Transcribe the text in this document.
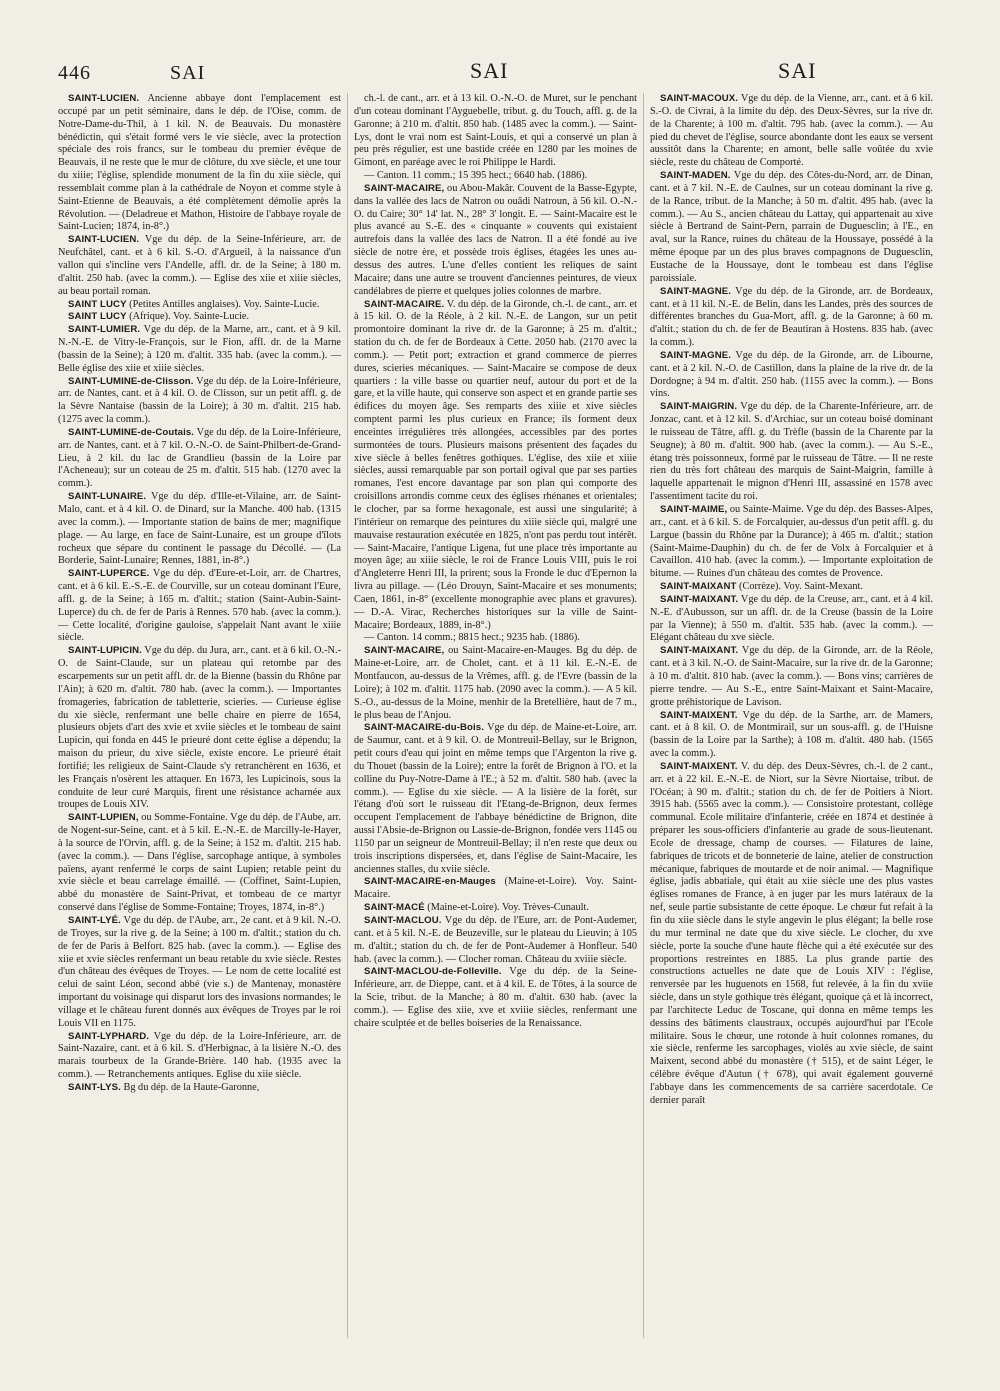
446	SAI	SAI	SAI

SAINT-LUCIEN. Ancienne abbaye dont l'emplacement est occupé par un petit séminaire, dans le dép. de l'Oise, comm. de Notre-Dame-du-Thil, à 1 kil. N. de Beauvais. Du monastère bénédictin, qui s'était formé vers le vie siècle, avec la protection spéciale des rois francs, sur le tombeau du premier évêque de Beauvais, il ne reste que le mur de clôture, du xve siècle, et une tour du xiiie; l'église, splendide monument de la fin du xiie siècle, qui ressemblait comme plan à la cathédrale de Noyon et comme style à Saint-Etienne de Beauvais, a été complètement démolie après la Révolution. — (Deladreue et Mathon, Histoire de l'abbaye royale de Saint-Lucien; 1874, in-8°.)

SAINT-LUCIEN. Vge du dép. de la Seine-Inférieure, arr. de Neufchâtel, cant. et à 6 kil. S.-O. d'Argueil, à la naissance d'un vallon qui s'incline vers l'Andelle, affl. dr. de la Seine; à 180 m. d'altit. 250 hab. (avec la comm.). — Eglise des xiie et xiiie siècles, au beau portail roman.

SAINT LUCY (Petites Antilles anglaises). Voy. Sainte-Lucie.

SAINT LUCY (Afrique). Voy. Sainte-Lucie.

SAINT-LUMIER. Vge du dép. de la Marne, arr., cant. et à 9 kil. N.-N.-E. de Vitry-le-François, sur le Fion, affl. dr. de la Marne (bassin de la Seine); à 120 m. d'altit. 335 hab. (avec la comm.). — Belle église des xiie et xiiie siècles.

SAINT-LUMINE-de-Clisson. Vge du dép. de la Loire-Inférieure, arr. de Nantes, cant. et à 4 kil. O. de Clisson, sur un petit affl. g. de la Sèvre Nantaise (bassin de la Loire); à 30 m. d'altit. 215 hab. (1275 avec la comm.).

SAINT-LUMINE-de-Coutais. Vge du dép. de la Loire-Inférieure, arr. de Nantes, cant. et à 7 kil. O.-N.-O. de Saint-Philbert-de-Grand-Lieu, à 2 kil. du lac de Grandlieu (bassin de la Loire par l'Acheneau); sur un coteau de 25 m. d'altit. 515 hab. (1270 avec la comm.).

SAINT-LUNAIRE. Vge du dép. d'Ille-et-Vilaine, arr. de Saint-Malo, cant. et à 4 kil. O. de Dinard, sur la Manche. 400 hab. (1315 avec la comm.). — Importante station de bains de mer; magnifique plage. — Au large, en face de Saint-Lunaire, est un groupe d'îlots rocheux que sépare du continent le passage du Décollé. — (La Borderie, Saint-Lunaire; Rennes, 1881, in-8°.)

SAINT-LUPERCE. Vge du dép. d'Eure-et-Loir, arr. de Chartres, cant. et à 6 kil. E.-S.-E. de Courville, sur un coteau dominant l'Eure, affl. g. de la Seine; à 165 m. d'altit.; station (Saint-Aubin-Saint-Luperce) du ch. de fer de Paris à Rennes. 570 hab. (avec la comm.). — Cette localité, d'origine gauloise, s'appelait Nant avant le xiiie siècle.

SAINT-LUPICIN. Vge du dép. du Jura, arr., cant. et à 6 kil. O.-N.-O. de Saint-Claude, sur un plateau qui retombe par des escarpements sur un petit affl. dr. de la Bienne (bassin du Rhône par l'Ain); à 620 m. d'altit. 780 hab. (avec la comm.). — Importantes fromageries, fabrication de tabletterie, scieries. — Curieuse église du xie siècle, renfermant une belle chaire en pierre de 1654, plusieurs objets d'art des xvie et xviie siècles et le tombeau de saint Lupicin, qui fonda en 445 le prieuré dont cette église a dépendu; la maison du prieur, du xive siècle, existe encore. Le prieuré était fortifié; les religieux de Saint-Claude s'y retranchèrent en 1636, et les Français n'osèrent les attaquer. En 1673, les Lupicinois, sous la conduite de leur curé Marquis, firent une résistance acharnée aux troupes de Louis XIV.

SAINT-LUPIEN, ou Somme-Fontaine. Vge du dép. de l'Aube, arr. de Nogent-sur-Seine, cant. et à 5 kil. E.-N.-E. de Marcilly-le-Hayer, à la source de l'Orvin, affl. g. de la Seine; à 152 m. d'altit. 215 hab. (avec la comm.). — Dans l'église, sarcophage antique, à symboles païens, ayant renfermé le corps de saint Lupien; retable peint du xvie siècle et beau carrelage émaillé. — (Coffinet, Saint-Lupien, abbé du monastère de Saint-Privat, et tombeau de ce martyr conservé dans l'église de Somme-Fontaine; Troyes, 1874, in-8°.)

SAINT-LYÉ. Vge du dép. de l'Aube, arr., 2e cant. et à 9 kil. N.-O. de Troyes, sur la rive g. de la Seine; à 100 m. d'altit.; station du ch. de fer de Paris à Belfort. 825 hab. (avec la comm.). — Eglise des xiie et xvie siècles renfermant un beau retable du xvie siècle. Restes d'un château des évêques de Troyes. — Le nom de cette localité est celui de saint Léon, second abbé (vie s.) de Mantenay, monastère important du voisinage qui disparut lors des invasions normandes; le village et le château furent donnés aux évêques de Troyes par le roi Louis VII en 1175.

SAINT-LYPHARD. Vge du dép. de la Loire-Inférieure, arr. de Saint-Nazaire, cant. et à 6 kil. S. d'Herbignac, à la lisière N.-O. des marais tourbeux de la Grande-Brière. 140 hab. (1935 avec la comm.). — Retranchements antiques. Eglise du xiie siècle.

SAINT-LYS. Bg du dép. de la Haute-Garonne,

ch.-l. de cant., arr. et à 13 kil. O.-N.-O. de Muret, sur le penchant d'un coteau dominant l'Ayguebelle, tribut. g. du Touch, affl. g. de la Garonne; à 210 m. d'altit. 850 hab. (1485 avec la comm.). — Saint-Lys, dont le vrai nom est Saint-Louis, et qui a conservé un plan à peu près régulier, est une bastide créée en 1280 par les moines de Gimont, en paréage avec le roi Philippe le Hardi.

— Canton. 11 comm.; 15 395 hect.; 6640 hab. (1886).

SAINT-MACAIRE, ou Abou-Makâr. Couvent de la Basse-Egypte, dans la vallée des lacs de Natron ou ouâdi Natroun, à 56 kil. O.-N.-O. du Caire; 30° 14' lat. N., 28° 3' longit. E. — Saint-Macaire est le plus avancé au S.-E. des « cinquante » couvents qui existaient autrefois dans la vallée des lacs de Natron. Il a été fondé au ive siècle de notre ère, et possède trois églises, étagées les unes au-dessus des autres. L'une d'elles contient les reliques de saint Macaire; dans une autre se trouvent d'anciennes peintures, de vieux candélabres de pierre et quelques jolies colonnes de marbre.

SAINT-MACAIRE. V. du dép. de la Gironde, ch.-l. de cant., arr. et à 15 kil. O. de la Réole, à 2 kil. N.-E. de Langon, sur un petit promontoire dominant la rive dr. de la Garonne; à 25 m. d'altit.; station du ch. de fer de Bordeaux à Cette. 2050 hab. (2170 avec la comm.). — Petit port; extraction et grand commerce de pierres dures, scieries mécaniques. — Saint-Macaire se compose de deux quartiers : la ville basse ou quartier neuf, autour du port et de la gare, et la ville haute, qui conserve son aspect et en grande partie ses édifices du moyen âge. Ses remparts des xiiie et xive siècles comptent parmi les plus curieux en France; ils forment deux enceintes irrégulières très allongées, accessibles par des portes surmontées de tours. Plusieurs maisons présentent des façades du xive siècle à belles fenêtres gothiques. L'église, des xiie et xiiie siècles, aussi remarquable par son portail ogival que par ses parties romanes, l'est encore davantage par son plan qui comporte des croisillons arrondis comme ceux des églises rhénanes et orientales; le clocher, par sa forme hexagonale, est aussi une singularité; à l'intérieur on remarque des peintures du xiiie siècle qui, malgré une mauvaise restauration exécutée en 1825, n'ont pas perdu tout intérêt. — Saint-Macaire, l'antique Ligena, fut une place très importante au moyen âge; au xiiie siècle, le roi de France Louis VIII, puis le roi d'Angleterre Henri III, la prirent; sous la Fronde le duc d'Epernon la livra au pillage. — (Léo Drouyn, Saint-Macaire et ses monuments; Caen, 1861, in-8° (excellente monographie avec plans et gravures). — D.-A. Virac, Recherches historiques sur la ville de Saint-Macaire; Bordeaux, 1889, in-8°.)

— Canton. 14 comm.; 8815 hect.; 9235 hab. (1886).

SAINT-MACAIRE, ou Saint-Macaire-en-Mauges. Bg du dép. de Maine-et-Loire, arr. de Cholet, cant. et à 11 kil. E.-N.-E. de Montfaucon, au-dessus de la Vrêmes, affl. g. de l'Evre (bassin de la Loire); à 102 m. d'altit. 1175 hab. (2090 avec la comm.). — A 5 kil. S.-O., au-dessus de la Moine, menhir de la Bretellière, haut de 7 m., le plus beau de l'Anjou.

SAINT-MACAIRE-du-Bois. Vge du dép. de Maine-et-Loire, arr. de Saumur, cant. et à 9 kil. O. de Montreuil-Bellay, sur le Brignon, petit cours d'eau qui joint en même temps que l'Argenton la rive g. du Thouet (bassin de la Loire); entre la forêt de Brignon à l'O. et la colline du Puy-Notre-Dame à l'E.; à 52 m. d'altit. 580 hab. (avec la comm.). — Eglise du xie siècle. — A la lisière de la forêt, sur l'étang d'où sort le ruisseau dit l'Etang-de-Brignon, deux fermes occupent l'emplacement de l'abbaye bénédictine de Brignon, dite aussi l'Absie-de-Brignon ou Lassie-de-Brignon, fondée vers 1145 ou 1150 par un seigneur de Montreuil-Bellay; il n'en reste que deux ou trois inscriptions dispersées, et, dans l'église de Saint-Macaire, les anciennes stalles, du xviie siècle.

SAINT-MACAIRE-en-Mauges (Maine-et-Loire). Voy. Saint-Macaire.

SAINT-MACÉ (Maine-et-Loire). Voy. Trèves-Cunault.

SAINT-MACLOU. Vge du dép. de l'Eure, arr. de Pont-Audemer, cant. et à 5 kil. N.-E. de Beuzeville, sur le plateau du Lieuvin; à 105 m. d'altit.; station du ch. de fer de Pont-Audemer à Honfleur. 540 hab. (avec la comm.). — Clocher roman. Château du xviiie siècle.

SAINT-MACLOU-de-Folleville. Vge du dép. de la Seine-Inférieure, arr. de Dieppe, cant. et à 4 kil. E. de Tôtes, à la source de la Scie, tribut. de la Manche; à 80 m. d'altit. 630 hab. (avec la comm.). — Eglise des xiie, xve et xviiie siècles, renfermant une chaire sculptée et de belles boiseries de la Renaissance.

SAINT-MACOUX. Vge du dép. de la Vienne, arr., cant. et à 6 kil. S.-O. de Civrai, à la limite du dép. des Deux-Sèvres, sur la rive dr. de la Charente; à 100 m. d'altit. 795 hab. (avec la comm.). — Au pied du chevet de l'église, source abondante dont les eaux se versent aussitôt dans la Charente; en amont, belle salle voûtée du xvie siècle, reste du château de Comporté.

SAINT-MADEN. Vge du dép. des Côtes-du-Nord, arr. de Dinan, cant. et à 7 kil. N.-E. de Caulnes, sur un coteau dominant la rive g. de la Rance, tribut. de la Manche; à 50 m. d'altit. 495 hab. (avec la comm.). — Au S., ancien château du Lattay, qui appartenait au xive siècle à Bertrand de Saint-Pern, parrain de Duguesclin; à l'E., en aval, sur la Rance, ruines du château de la Houssaye, possédé à la même époque par un des plus braves compagnons de Duguesclin, Eustache de la Houssaye, dont le tombeau est dans l'église paroissiale.

SAINT-MAGNE. Vge du dép. de la Gironde, arr. de Bordeaux, cant. et à 11 kil. N.-E. de Belin, dans les Landes, près des sources de différentes branches du Gua-Mort, affl. g. de la Garonne; à 60 m. d'altit.; station du ch. de fer de Beautiran à Hostens. 835 hab. (avec la comm.).

SAINT-MAGNE. Vge du dép. de la Gironde, arr. de Libourne, cant. et à 2 kil. N.-O. de Castillon, dans la plaine de la rive dr. de la Dordogne; à 94 m. d'altit. 250 hab. (1155 avec la comm.). — Bons vins.

SAINT-MAIGRIN. Vge du dép. de la Charente-Inférieure, arr. de Jonzac, cant. et à 12 kil. S. d'Archiac, sur un coteau boisé dominant le ruisseau de Tâtre, affl. g. du Trèfle (bassin de la Charente par la Seugne); à 80 m. d'altit. 900 hab. (avec la comm.). — Au S.-E., étang très poissonneux, formé par le ruisseau de Tâtre. — Il ne reste rien du très fort château des marquis de Saint-Maigrin, famille à laquelle appartenait le mignon d'Henri III, assassiné en 1578 avec l'assentiment tacite du roi.

SAINT-MAIME, ou Sainte-Maime. Vge du dép. des Basses-Alpes, arr., cant. et à 6 kil. S. de Forcalquier, au-dessus d'un petit affl. g. du Largue (bassin du Rhône par la Durance); à 465 m. d'altit.; station (Saint-Maime-Dauphin) du ch. de fer de Volx à Forcalquier et à Cavaillon. 410 hab. (avec la comm.). — Importante exploitation de bitume. — Ruines d'un château des comtes de Provence.

SAINT-MAIXANT (Corrèze). Voy. Saint-Mexant.

SAINT-MAIXANT. Vge du dép. de la Creuse, arr., cant. et à 4 kil. N.-E. d'Aubusson, sur un affl. dr. de la Creuse (bassin de la Loire par la Vienne); à 550 m. d'altit. 535 hab. (avec la comm.). — Elégant château du xve siècle.

SAINT-MAIXANT. Vge du dép. de la Gironde, arr. de la Réole, cant. et à 3 kil. N.-O. de Saint-Macaire, sur la rive dr. de la Garonne; à 10 m. d'altit. 810 hab. (avec la comm.). — Bons vins; carrières de pierre tendre. — Au S.-E., entre Saint-Maixant et Saint-Macaire, grotte préhistorique de Lavison.

SAINT-MAIXENT. Vge du dép. de la Sarthe, arr. de Mamers, cant. et à 8 kil. O. de Montmirail, sur un sous-affl. g. de l'Huisne (bassin de la Loire par la Sarthe); à 108 m. d'altit. 480 hab. (1565 avec la comm.).

SAINT-MAIXENT. V. du dép. des Deux-Sèvres, ch.-l. de 2 cant., arr. et à 22 kil. E.-N.-E. de Niort, sur la Sèvre Niortaise, tribut. de l'Océan; à 90 m. d'altit.; station du ch. de fer de Poitiers à Niort. 3915 hab. (5565 avec la comm.). — Consistoire protestant, collège communal. Ecole militaire d'infanterie, créée en 1874 et destinée à préparer les sous-officiers d'infanterie au grade de sous-lieutenant. Ecole de dressage, champ de courses. — Filatures de laine, fabriques de tricots et de bonneterie de laine, atelier de construction mécanique, fabriques de moutarde et de noir animal. — Magnifique église, jadis abbatiale, qui était au xiie siècle une des plus vastes églises romanes de France, à en juger par les murs latéraux de la nef, seule partie subsistante de cette époque. Le chœur fut refait à la fin du xiie siècle dans le style angevin le plus élégant; la belle rose du mur terminal ne date que du xive siècle. Le clocher, du xve siècle, porte la souche d'une haute flèche qui a été exécutée sur des proportions restreintes en 1885. La plus grande partie des constructions actuelles ne date que de Louis XIV : l'église, renversée par les huguenots en 1568, fut relevée, à la fin du xviie siècle, dans un style gothique très élégant, quoique çà et là incorrect, par l'architecte Leduc de Toscane, qui donna en même temps les dessins des bâtiments claustraux, occupés aujourd'hui par l'Ecole militaire. Sous le chœur, une rotonde à huit colonnes romanes, du xie siècle, renferme les sarcophages, violés au xvie siècle, de saint Maixent, second abbé du monastère († 515), et de saint Léger, le célèbre évêque d'Autun († 678), qui avait également gouverné l'abbaye dans les commencements de sa carrière sacerdotale. Ce dernier paraît
